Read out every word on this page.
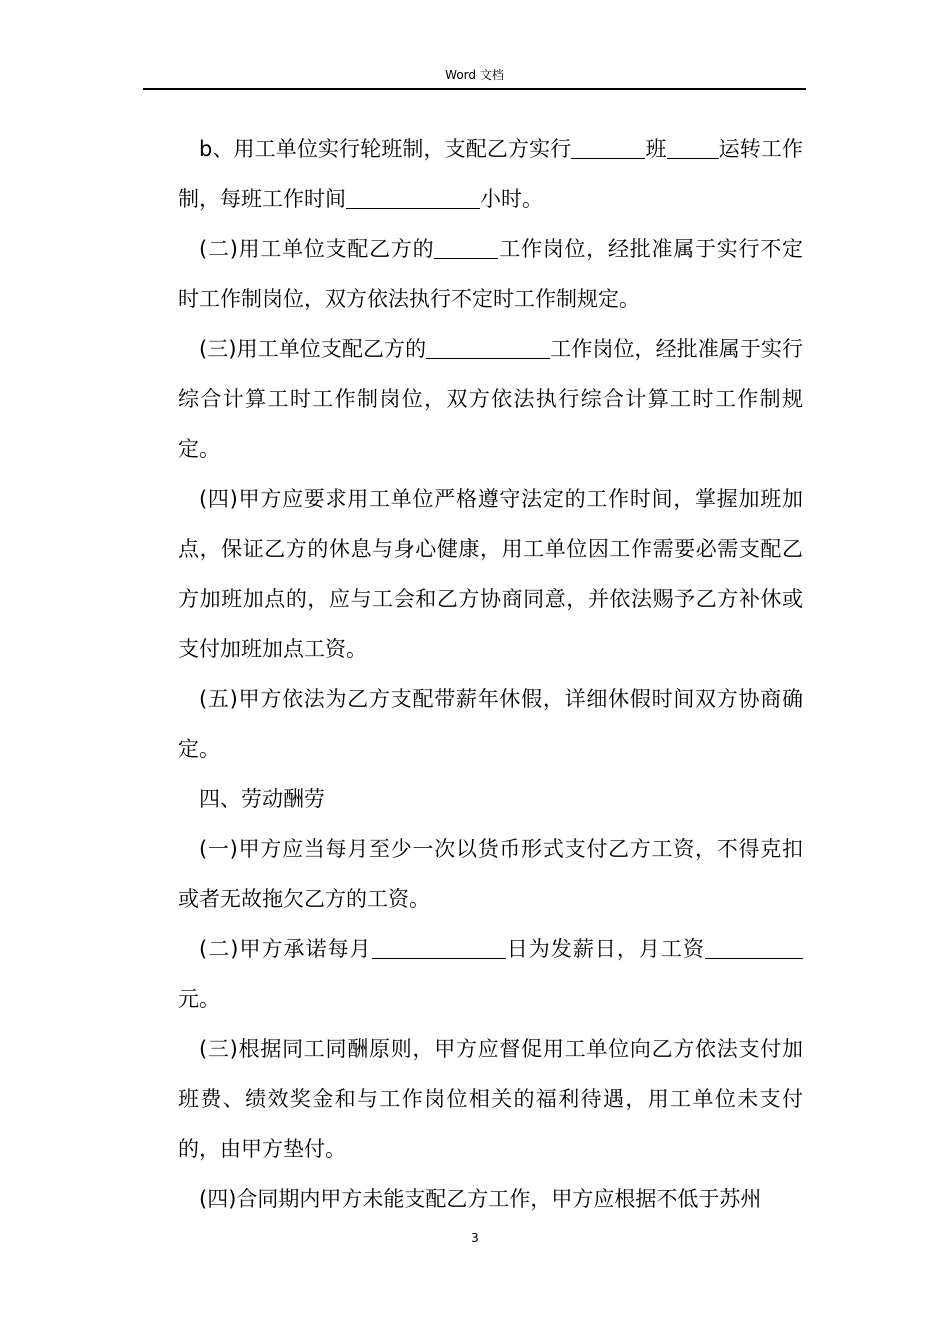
Word 文档

b、用工单位实行轮班制，支配乙方实行	班 运转工作制，每班工作时间	小时。

(二)用工单位支配乙方的	工作岗位，经批准属于实行不定时工作制岗位，双方依法执行不定时工作制规定。

(三)用工单位支配乙方的	工作岗位，经批准属于实行综合计算工时工作制岗位，双方依法执行综合计算工时工作制规定。

(四)甲方应要求用工单位严格遵守法定的工作时间，掌握加班加点，保证乙方的休息与身心健康，用工单位因工作需要必需支配乙方加班加点的，应与工会和乙方协商同意，并依法赐予乙方补休或支付加班加点工资。

(五)甲方依法为乙方支配带薪年休假，详细休假时间双方协商确定。

四、劳动酬劳

(一)甲方应当每月至少一次以货币形式支付乙方工资，不得克扣或者无故拖欠乙方的工资。

(二)甲方承诺每月	日为发薪日，月工资元。

(三)根据同工同酬原则，甲方应督促用工单位向乙方依法支付加班费、绩效奖金和与工作岗位相关的福利待遇，用工单位未支付的，由甲方垫付。

(四)合同期内甲方未能支配乙方工作，甲方应根据不低于苏州

3
